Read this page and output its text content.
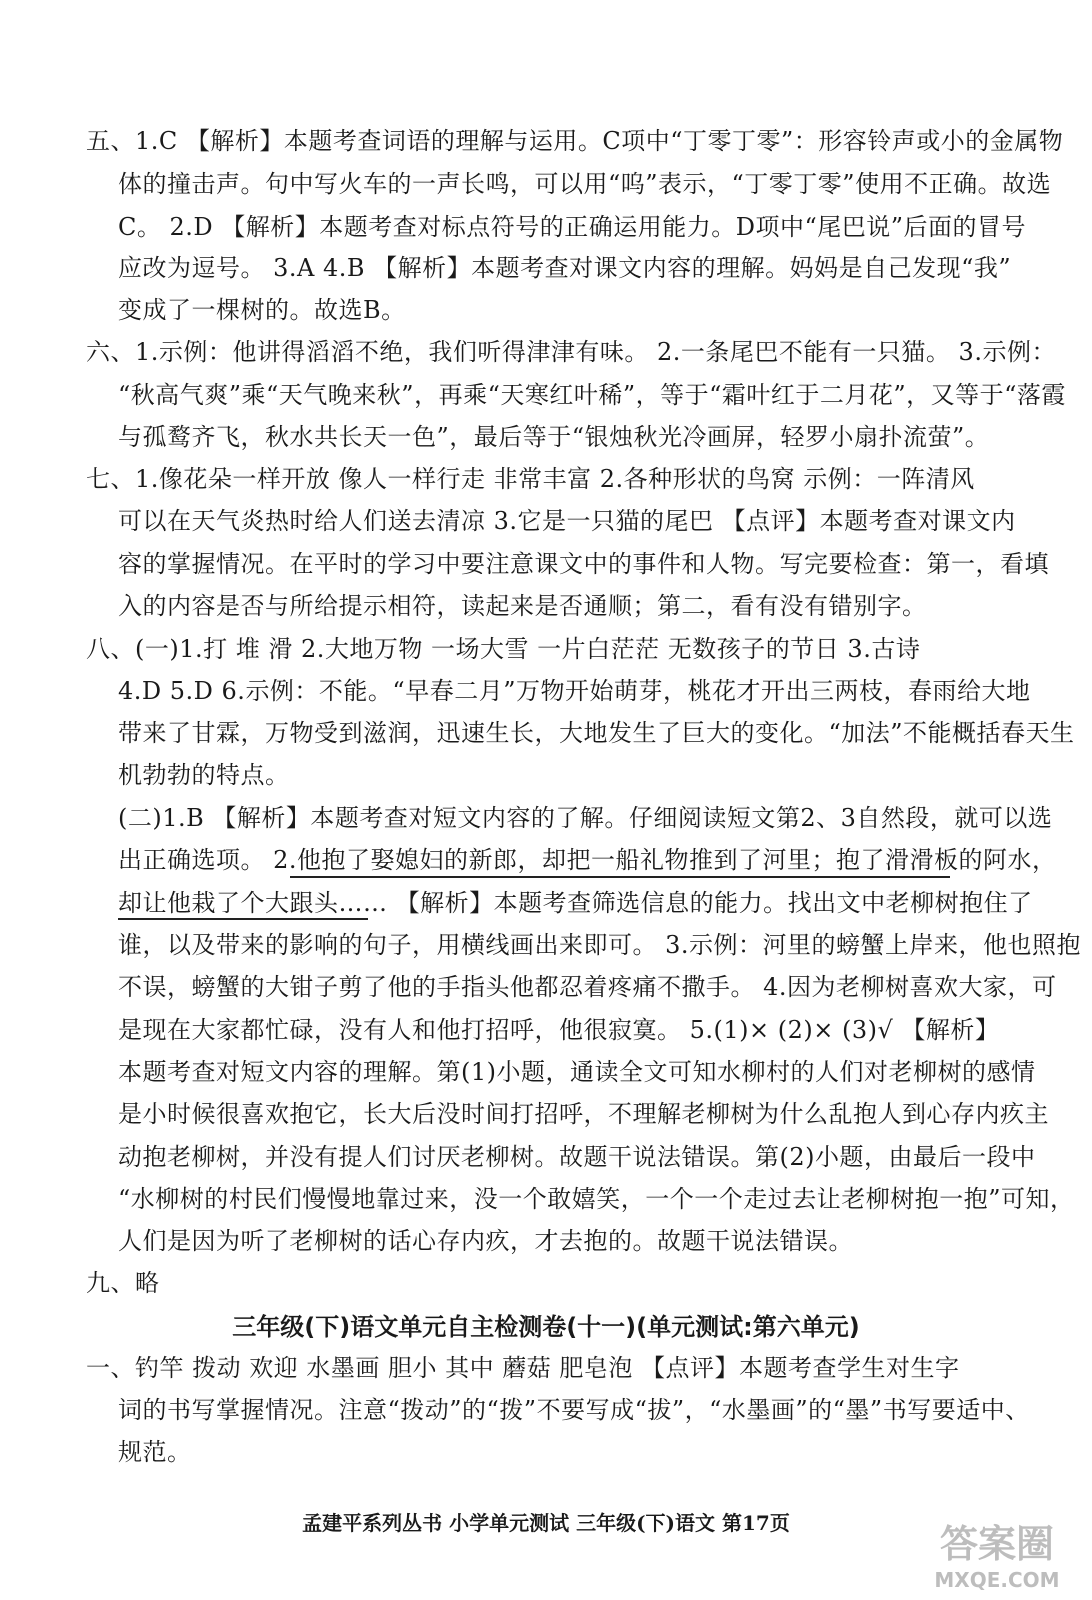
五、1.C 【解析】本题考查词语的理解与运用。C项中“丁零丁零”：形容铃声或小的金属物
体的撞击声。句中写火车的一声长鸣，可以用“呜”表示，“丁零丁零”使用不正确。故选
C。 2.D 【解析】本题考查对标点符号的正确运用能力。D项中“尾巴说”后面的冒号
应改为逗号。 3.A 4.B 【解析】本题考查对课文内容的理解。妈妈是自己发现“我”
变成了一棵树的。故选B。
六、1.示例：他讲得滔滔不绝，我们听得津津有味。 2.一条尾巴不能有一只猫。 3.示例：
“秋高气爽”乘“天气晚来秋”，再乘“天寒红叶稀”，等于“霜叶红于二月花”，又等于“落霞
与孤鹜齐飞，秋水共长天一色”，最后等于“银烛秋光冷画屏，轻罗小扇扑流萤”。
七、1.像花朵一样开放 像人一样行走 非常丰富 2.各种形状的鸟窝 示例：一阵清风
可以在天气炎热时给人们送去清凉 3.它是一只猫的尾巴 【点评】本题考查对课文内
容的掌握情况。在平时的学习中要注意课文中的事件和人物。写完要检查：第一，看填
入的内容是否与所给提示相符，读起来是否通顺；第二，看有没有错别字。
八、(一)1.打 堆 滑 2.大地万物 一场大雪 一片白茫茫 无数孩子的节日 3.古诗
4.D 5.D 6.示例：不能。“早春二月”万物开始萌芽，桃花才开出三两枝，春雨给大地
带来了甘霖，万物受到滋润，迅速生长，大地发生了巨大的变化。“加法”不能概括春天生
机勃勃的特点。
(二)1.B 【解析】本题考查对短文内容的了解。仔细阅读短文第2、3自然段，就可以选
出正确选项。 2.他抱了娶媳妇的新郎，却把一船礼物推到了河里；抱了滑滑板的阿水，
却让他栽了个大跟头…… 【解析】本题考查筛选信息的能力。找出文中老柳树抱住了
谁，以及带来的影响的句子，用横线画出来即可。 3.示例：河里的螃蟹上岸来，他也照抱
不误，螃蟹的大钳子剪了他的手指头他都忍着疼痛不撒手。 4.因为老柳树喜欢大家，可
是现在大家都忙碌，没有人和他打招呼，他很寂寞。 5.(1)× (2)× (3)√ 【解析】
本题考查对短文内容的理解。第(1)小题，通读全文可知水柳村的人们对老柳树的感情
是小时候很喜欢抱它，长大后没时间打招呼，不理解老柳树为什么乱抱人到心存内疚主
动抱老柳树，并没有提人们讨厌老柳树。故题干说法错误。第(2)小题，由最后一段中
“水柳树的村民们慢慢地靠过来，没一个敢嬉笑，一个一个走过去让老柳树抱一抱”可知，
人们是因为听了老柳树的话心存内疚，才去抱的。故题干说法错误。
九、略
三年级(下)语文单元自主检测卷(十一)(单元测试:第六单元)
一、钓竿 拨动 欢迎 水墨画 胆小 其中 蘑菇 肥皂泡 【点评】本题考查学生对生字
词的书写掌握情况。注意“拨动”的“拨”不要写成“拔”，“水墨画”的“墨”书写要适中、
规范。
孟建平系列丛书 小学单元测试 三年级(下)语文 第17页	答案圈
MXQE.COM
